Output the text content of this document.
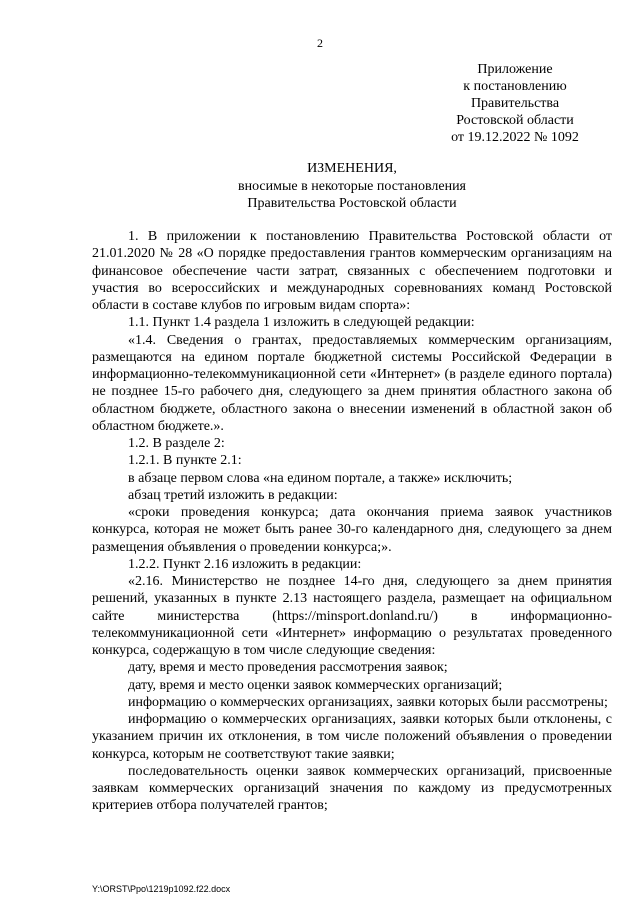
2
Приложение
к постановлению
Правительства
Ростовской области
от 19.12.2022 № 1092
ИЗМЕНЕНИЯ,
вносимые в некоторые постановления
Правительства Ростовской области

1. В приложении к постановлению Правительства Ростовской области от 21.01.2020 № 28 «О порядке предоставления грантов коммерческим организациям на финансовое обеспечение части затрат, связанных с обеспечением подготовки и участия во всероссийских и международных соревнованиях команд Ростовской области в составе клубов по игровым видам спорта»:

1.1. Пункт 1.4 раздела 1 изложить в следующей редакции:

«1.4. Сведения о грантах, предоставляемых коммерческим организациям, размещаются на едином портале бюджетной системы Российской Федерации в информационно-телекоммуникационной сети «Интернет» (в разделе единого портала) не позднее 15-го рабочего дня, следующего за днем принятия областного закона об областном бюджете, областного закона о внесении изменений в областной закон об областном бюджете.».

1.2. В разделе 2:

1.2.1. В пункте 2.1:

в абзаце первом слова «на едином портале, а также» исключить;

абзац третий изложить в редакции:

«сроки проведения конкурса; дата окончания приема заявок участников конкурса, которая не может быть ранее 30-го календарного дня, следующего за днем размещения объявления о проведении конкурса;».

1.2.2. Пункт 2.16 изложить в редакции:

«2.16. Министерство не позднее 14-го дня, следующего за днем принятия решений, указанных в пункте 2.13 настоящего раздела, размещает на официальном сайте министерства (https://minsport.donland.ru/) в информационно-телекоммуникационной сети «Интернет» информацию о результатах проведенного конкурса, содержащую в том числе следующие сведения:

дату, время и место проведения рассмотрения заявок;

дату, время и место оценки заявок коммерческих организаций;

информацию о коммерческих организациях, заявки которых были рассмотрены;

информацию о коммерческих организациях, заявки которых были отклонены, с указанием причин их отклонения, в том числе положений объявления о проведении конкурса, которым не соответствуют такие заявки;

последовательность оценки заявок коммерческих организаций, присвоенные заявкам коммерческих организаций значения по каждому из предусмотренных критериев отбора получателей грантов;

Y:\ORST\Ppo\1219p1092.f22.docx
